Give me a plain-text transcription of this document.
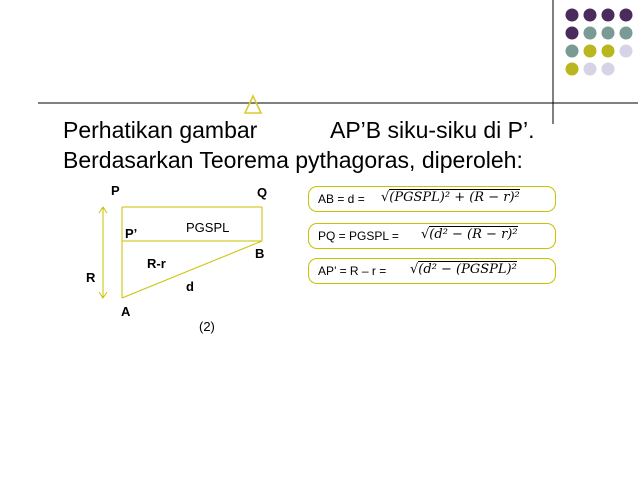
Perhatikan gambar	AP’B siku-siku di P’.
Berdasarkan Teorema pythagoras, diperoleh:
P	Q
P’	PGSPL
B
R-r
R
d
A
(2)
AB = d = √(PGSPL)² + (R − r)²
PQ = PGSPL = √(d² − (R − r)²
AP’ = R – r = √(d² − (PGSPL)²
